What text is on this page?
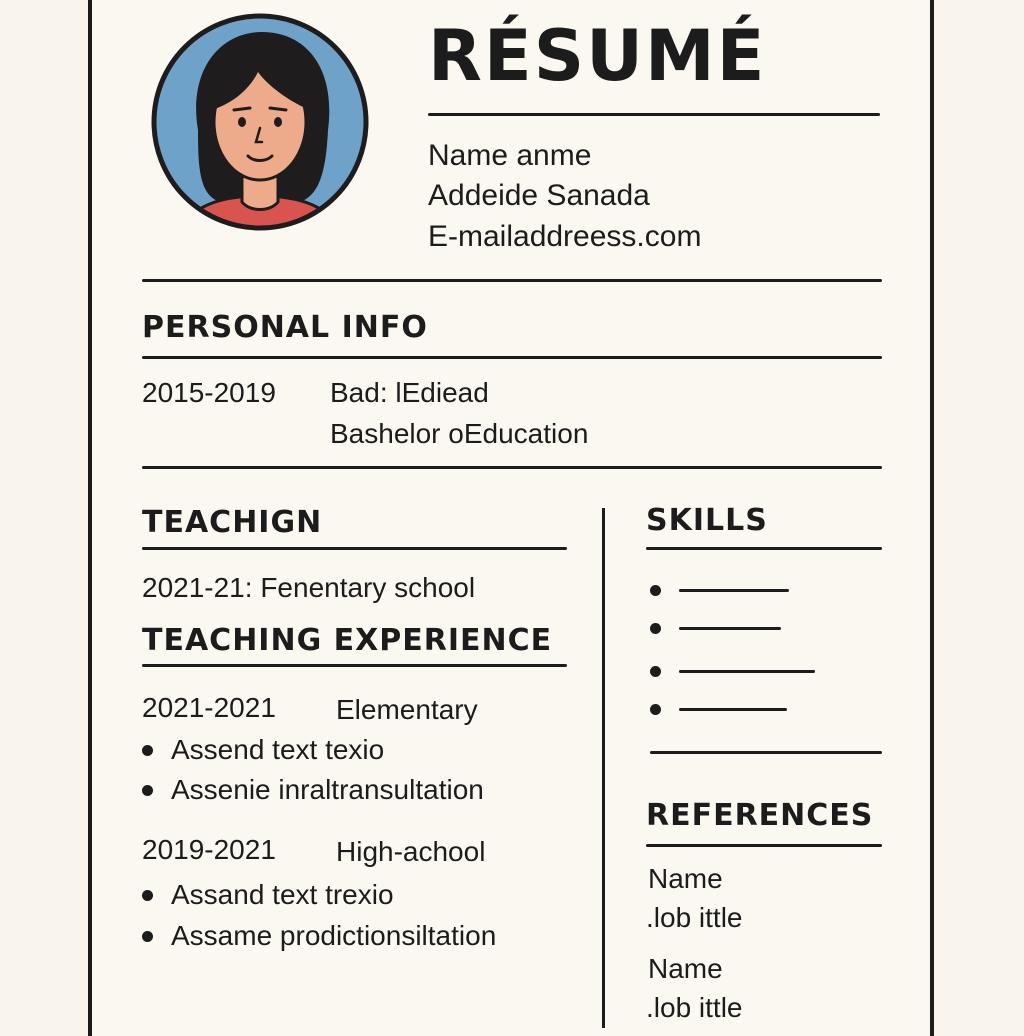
RÉSUMÉ
Name anme
Addeide Sanada
E-mailaddreess.com
PERSONAL INFO
2015-2019 Bad: lEdiead
Bashelor oEducation
TEACHIGN
2021-21: Fenentary school
TEACHING EXPERIENCE
2021-2021 Elementary
Assend text texio
Assenie inraltransultation
2019-2021 High-achool
Assand text trexio
Assame prodictionsiltation
SKILLS
REFERENCES
Name
.lob ittle
Name
.lob ittle
